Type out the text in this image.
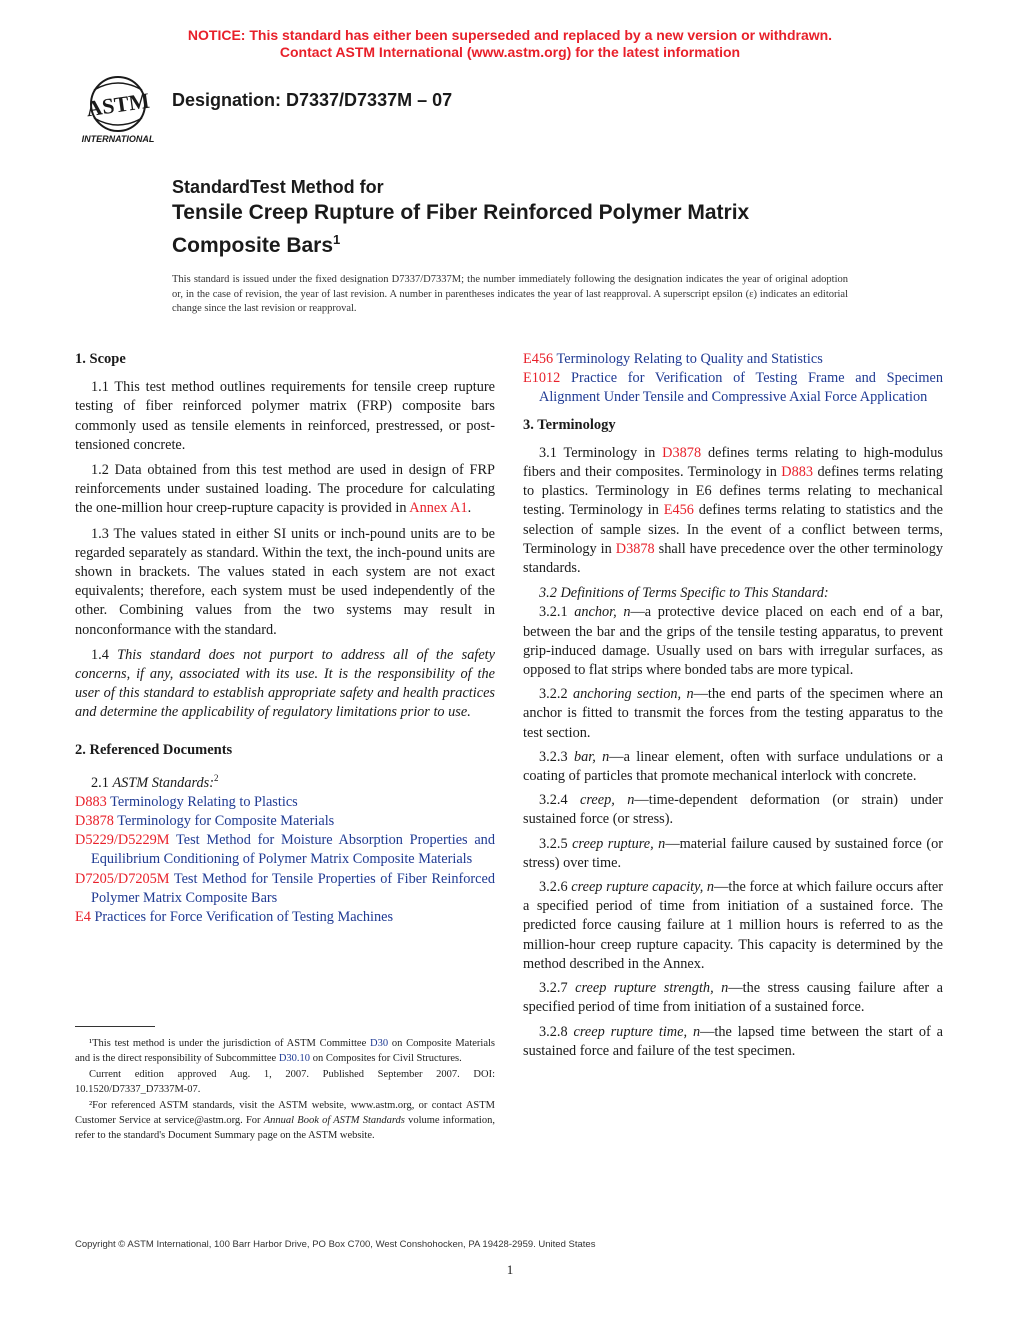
NOTICE: This standard has either been superseded and replaced by a new version or withdrawn.
Contact ASTM International (www.astm.org) for the latest information
ASTM
INTERNATIONAL
Designation: D7337/D7337M – 07
StandardTest Method for
Tensile Creep Rupture of Fiber Reinforced Polymer Matrix
Composite Bars$^1$
This standard is issued under the fixed designation D7337/D7337M; the number immediately following the designation indicates the year of original adoption or, in the case of revision, the year of last revision. A number in parentheses indicates the year of last reapproval. A superscript epsilon (ε) indicates an editorial change since the last revision or reapproval.
1. Scope

1.1 This test method outlines requirements for tensile creep rupture testing of fiber reinforced polymer matrix (FRP) composite bars commonly used as tensile elements in reinforced, prestressed, or post-tensioned concrete.

1.2 Data obtained from this test method are used in design of FRP reinforcements under sustained loading. The procedure for calculating the one-million hour creep-rupture capacity is provided in Annex A1.

1.3 The values stated in either SI units or inch-pound units are to be regarded separately as standard. Within the text, the inch-pound units are shown in brackets. The values stated in each system are not exact equivalents; therefore, each system must be used independently of the other. Combining values from the two systems may result in nonconformance with the standard.

1.4 This standard does not purport to address all of the safety concerns, if any, associated with its use. It is the responsibility of the user of this standard to establish appropriate safety and health practices and determine the applicability of regulatory limitations prior to use.

2. Referenced Documents

2.1 ASTM Standards:$^2$

D883 Terminology Relating to Plastics

D3878 Terminology for Composite Materials

D5229/D5229M Test Method for Moisture Absorption Properties and Equilibrium Conditioning of Polymer Matrix Composite Materials

D7205/D7205M Test Method for Tensile Properties of Fiber Reinforced Polymer Matrix Composite Bars

E4 Practices for Force Verification of Testing Machines

¹This test method is under the jurisdiction of ASTM Committee D30 on Composite Materials and is the direct responsibility of Subcommittee D30.10 on Composites for Civil Structures.

Current edition approved Aug. 1, 2007. Published September 2007. DOI: 10.1520/D7337_D7337M-07.

²For referenced ASTM standards, visit the ASTM website, www.astm.org, or contact ASTM Customer Service at service@astm.org. For Annual Book of ASTM Standards volume information, refer to the standard's Document Summary page on the ASTM website.

E456 Terminology Relating to Quality and Statistics

E1012 Practice for Verification of Testing Frame and Specimen Alignment Under Tensile and Compressive Axial Force Application

3. Terminology

3.1 Terminology in D3878 defines terms relating to high-modulus fibers and their composites. Terminology in D883 defines terms relating to plastics. Terminology in E6 defines terms relating to mechanical testing. Terminology in E456 defines terms relating to statistics and the selection of sample sizes. In the event of a conflict between terms, Terminology in D3878 shall have precedence over the other terminology standards.

3.2 Definitions of Terms Specific to This Standard:

3.2.1 anchor, n—a protective device placed on each end of a bar, between the bar and the grips of the tensile testing apparatus, to prevent grip-induced damage. Usually used on bars with irregular surfaces, as opposed to flat strips where bonded tabs are more typical.

3.2.2 anchoring section, n—the end parts of the specimen where an anchor is fitted to transmit the forces from the testing apparatus to the test section.

3.2.3 bar, n—a linear element, often with surface undulations or a coating of particles that promote mechanical interlock with concrete.

3.2.4 creep, n—time-dependent deformation (or strain) under sustained force (or stress).

3.2.5 creep rupture, n—material failure caused by sustained force (or stress) over time.

3.2.6 creep rupture capacity, n—the force at which failure occurs after a specified period of time from initiation of a sustained force. The predicted force causing failure at 1 million hours is referred to as the million-hour creep rupture capacity. This capacity is determined by the method described in the Annex.

3.2.7 creep rupture strength, n—the stress causing failure after a specified period of time from initiation of a sustained force.

3.2.8 creep rupture time, n—the lapsed time between the start of a sustained force and failure of the test specimen.

Copyright © ASTM International, 100 Barr Harbor Drive, PO Box C700, West Conshohocken, PA 19428-2959. United States
1
